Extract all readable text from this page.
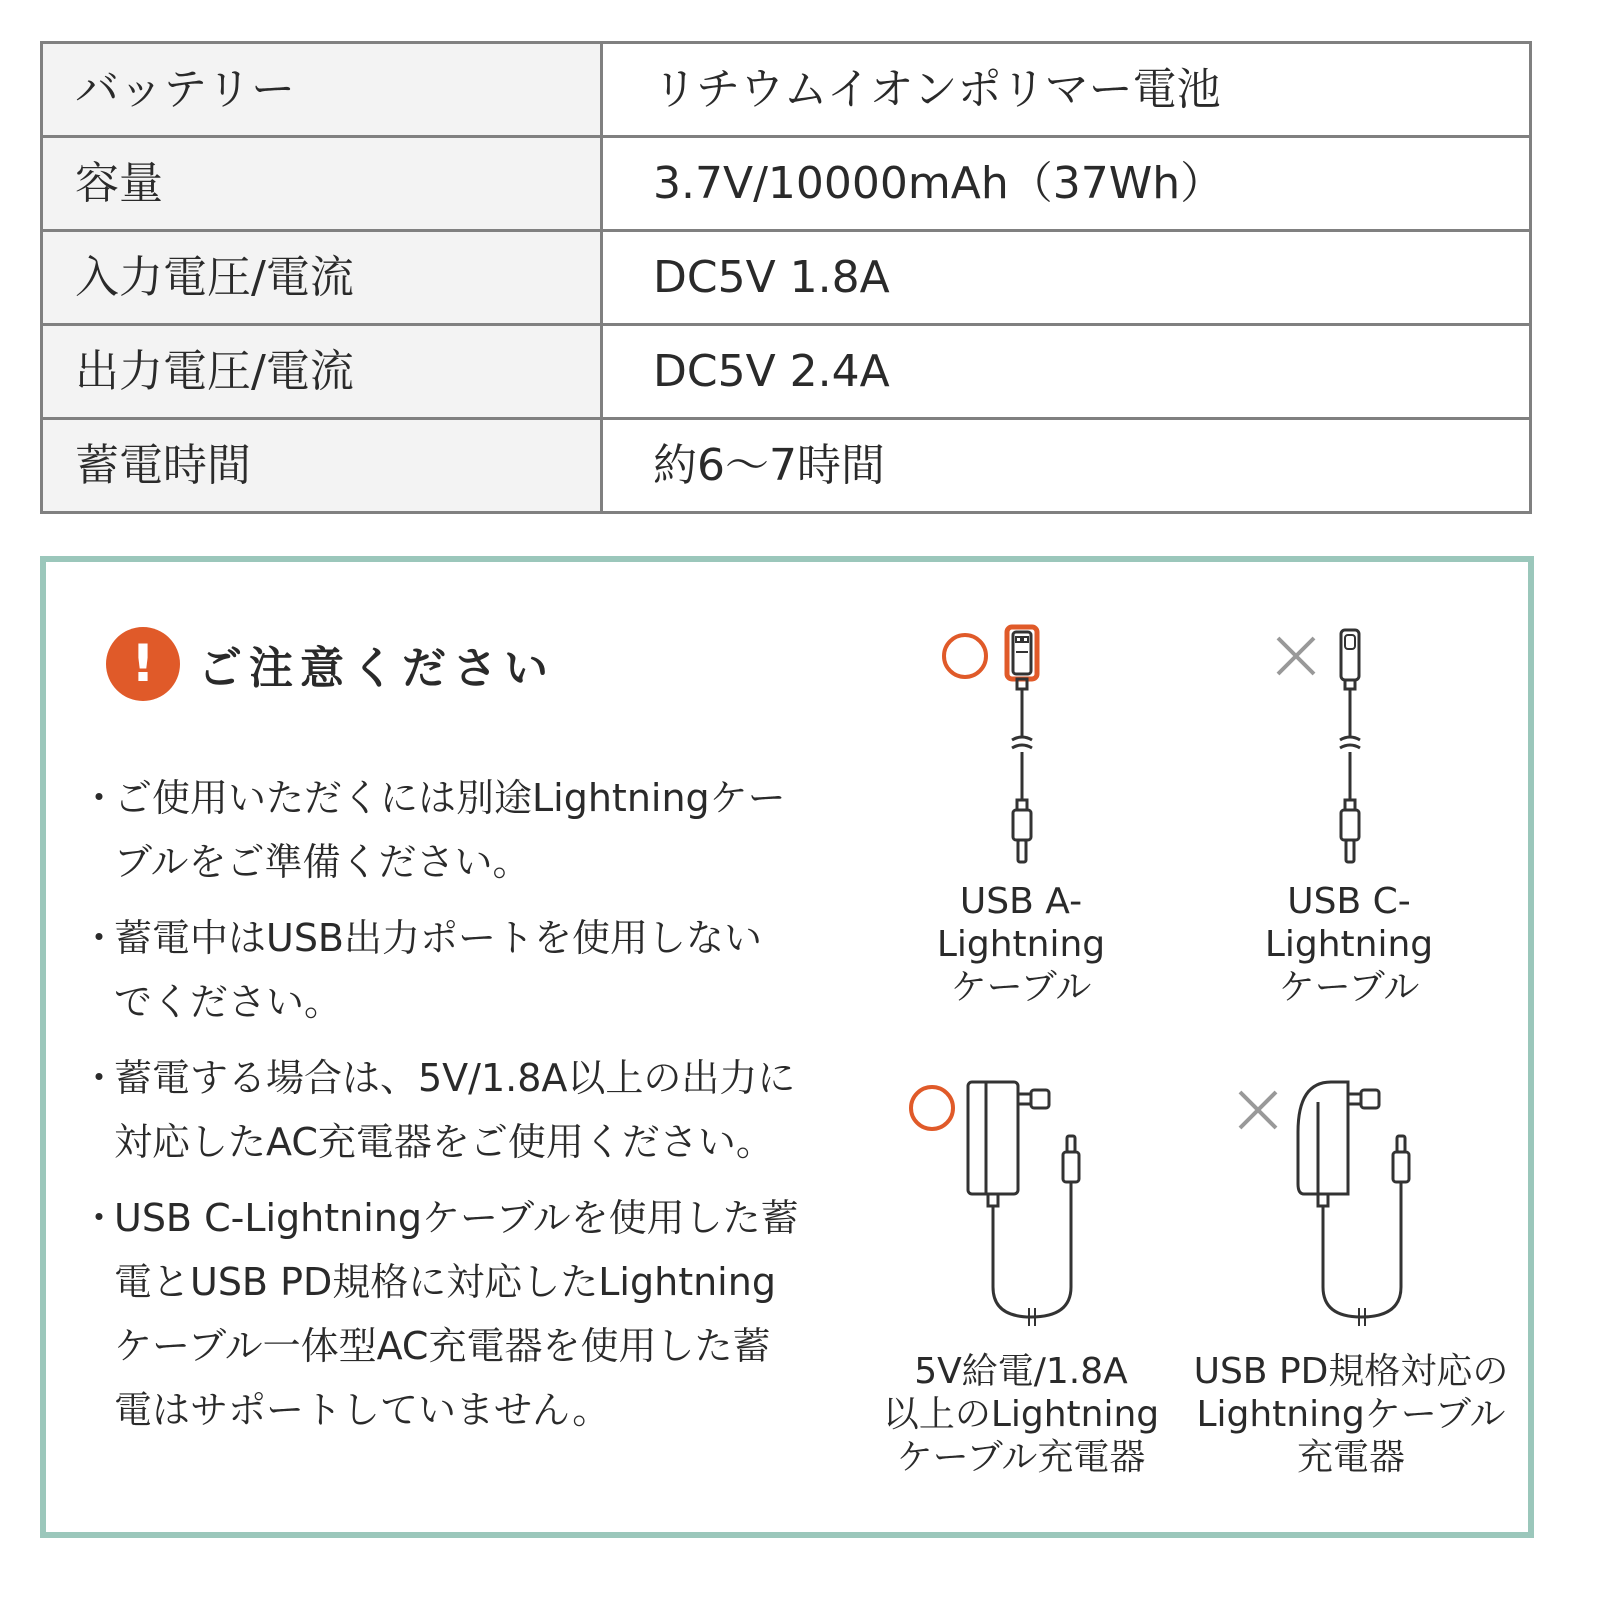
バッテリー	リチウムイオンポリマー電池
容量	3.7V/10000mAh（37Wh）
入力電圧/電流	DC5V 1.8A
出力電圧/電流	DC5V 2.4A
蓄電時間	約6～7時間
! ご注意ください
・ ご使用いただくには別途Lightningケー
ブルをご準備ください。
・ 蓄電中はUSB出力ポートを使用しない
でください。
・ 蓄電する場合は、5V/1.8A以上の出力に
対応したAC充電器をご使用ください。
・ USB C-Lightningケーブルを使用した蓄
電とUSB PD規格に対応したLightning
ケーブル一体型AC充電器を使用した蓄
電はサポートしていません。
USB A-
Lightning
ケーブル
USB C-
Lightning
ケーブル
5V給電/1.8A
以上のLightning
ケーブル充電器
USB PD規格対応の
Lightningケーブル
充電器
